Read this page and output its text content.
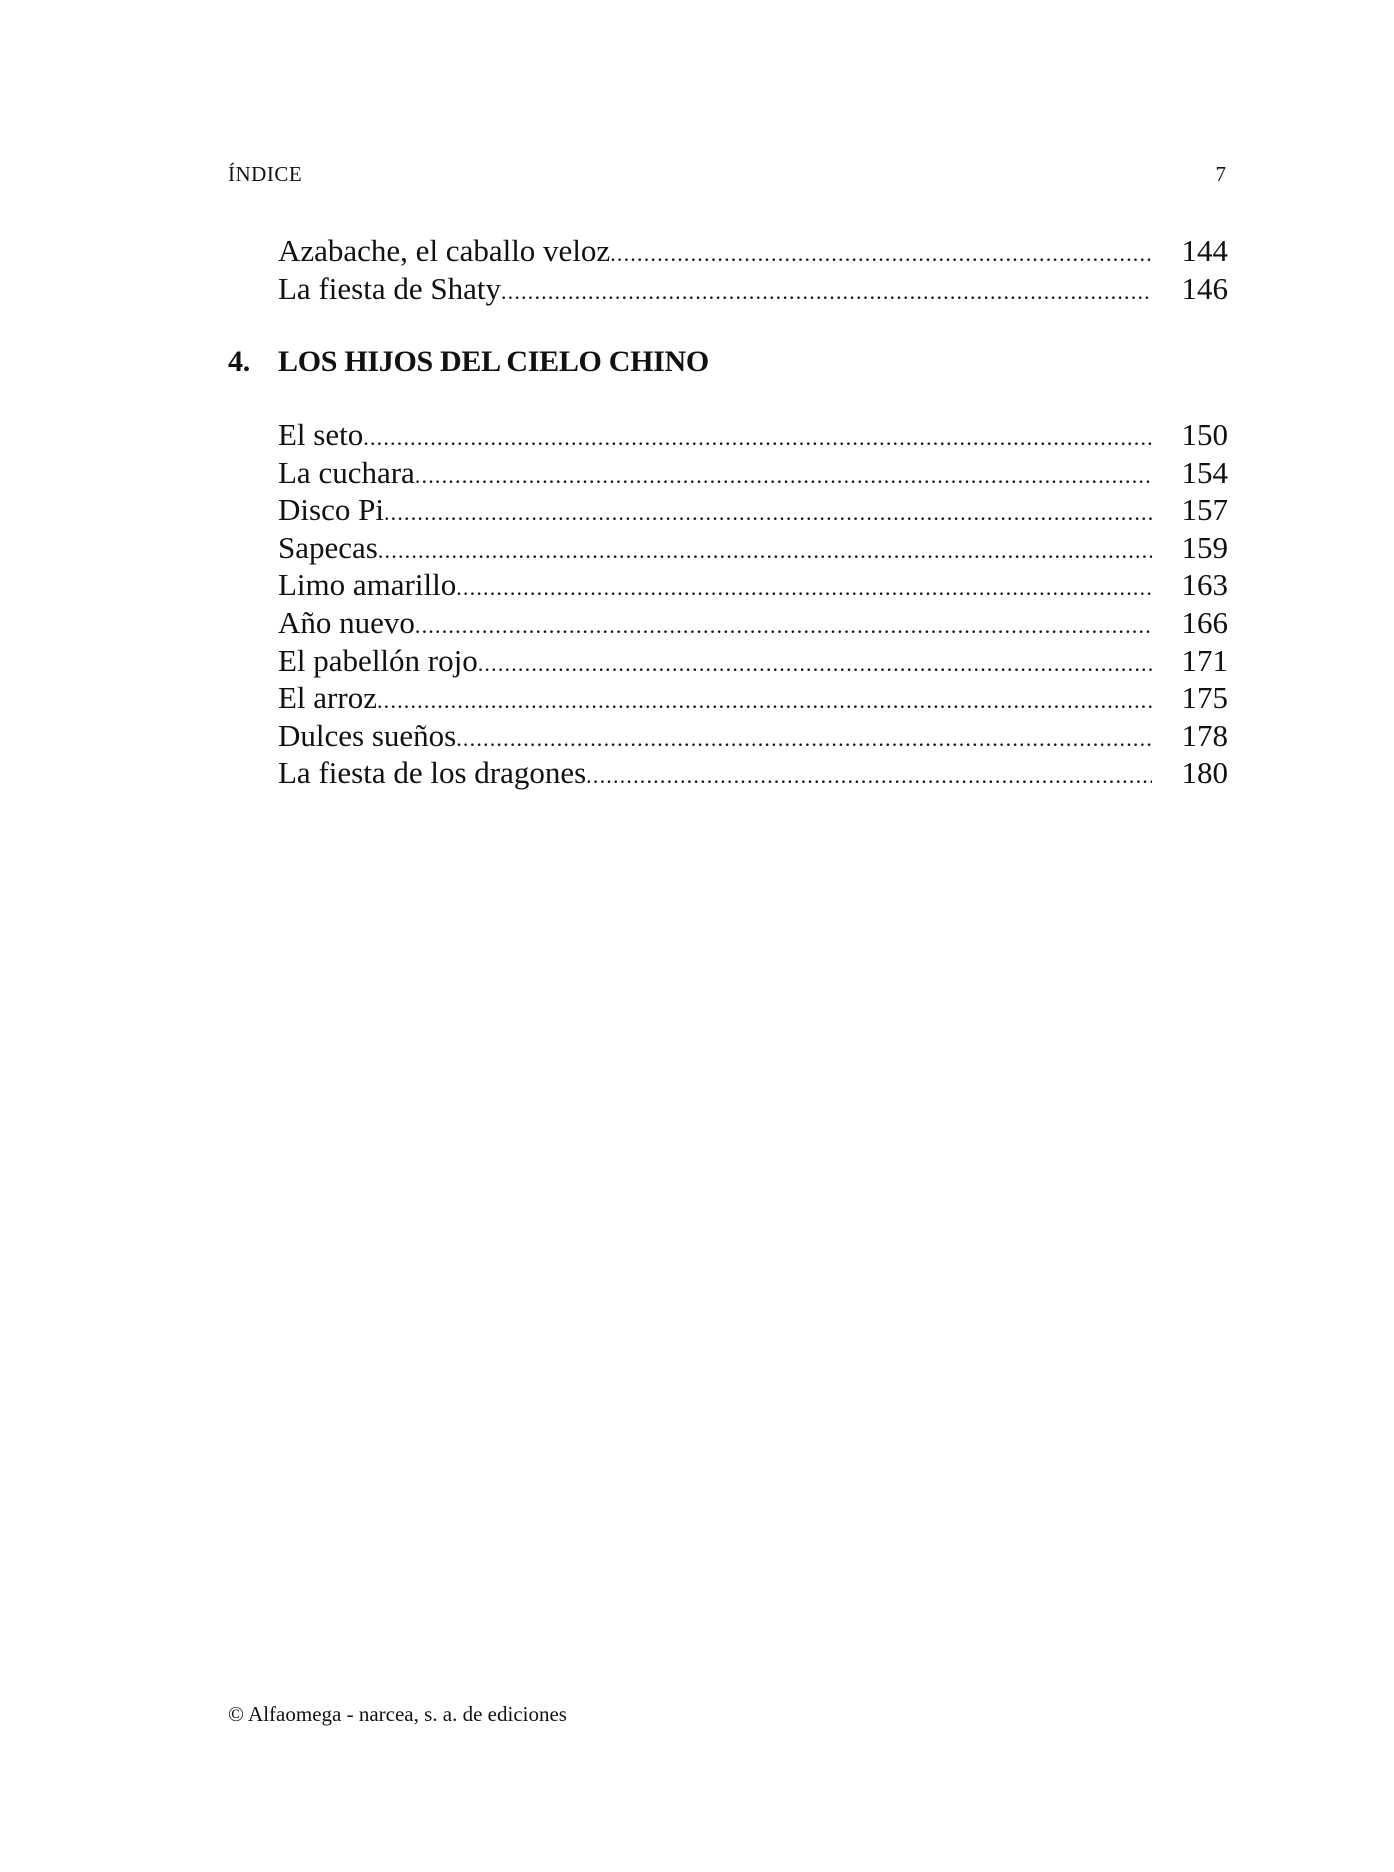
ÍNDICE	7
Azabache, el caballo veloz .....	144
La fiesta de Shaty .....	146
4. LOS HIJOS DEL CIELO CHINO
El seto .....	150
La cuchara .....	154
Disco Pi .....	157
Sapecas .....	159
Limo amarillo .....	163
Año nuevo .....	166
El pabellón rojo .....	171
El arroz .....	175
Dulces sueños .....	178
La fiesta de los dragones .....	180
© Alfaomega - narcea, s. a. de ediciones
